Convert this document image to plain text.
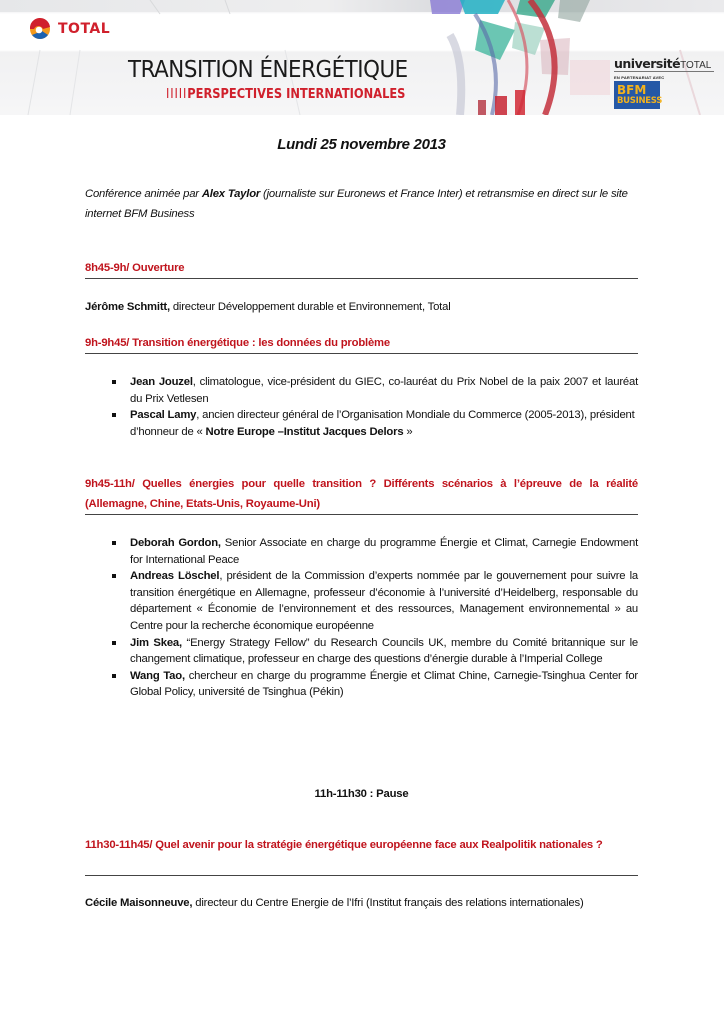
TOTAL
TRANSITION ÉNERGÉTIQUE
IIIIIPERSPECTIVES INTERNATIONALES
universitéTOTAL
EN PARTENARIAT AVEC
BFM
BUSINESS
Lundi 25 novembre 2013
Conférence animée par Alex Taylor (journaliste sur Euronews et France Inter) et retransmise en direct sur le site internet BFM Business
8h45-9h/ Ouverture
Jérôme Schmitt, directeur Développement durable et Environnement, Total
9h-9h45/ Transition énergétique : les données du problème
Jean Jouzel, climatologue, vice-président du GIEC, co-lauréat du Prix Nobel de la paix 2007 et lauréat du Prix Vetlesen
Pascal Lamy, ancien directeur général de l’Organisation Mondiale du Commerce (2005-2013), président d’honneur de « Notre Europe –Institut Jacques Delors »
9h45-11h/ Quelles énergies pour quelle transition ? Différents scénarios à l’épreuve de la réalité (Allemagne, Chine, Etats-Unis, Royaume-Uni)
Deborah Gordon, Senior Associate en charge du programme Énergie et Climat, Carnegie Endowment for International Peace
Andreas Löschel, président de la Commission d’experts nommée par le gouvernement pour suivre la transition énergétique en Allemagne, professeur d’économie à l’université d’Heidelberg, responsable du département « Économie de l’environnement et des ressources, Management environnemental » au Centre pour la recherche économique européenne
Jim Skea, “Energy Strategy Fellow” du Research Councils UK, membre du Comité britannique sur le changement climatique, professeur en charge des questions d’énergie durable à l’Imperial College
Wang Tao, chercheur en charge du programme Énergie et Climat Chine, Carnegie-Tsinghua Center for Global Policy, université de Tsinghua (Pékin)
11h-11h30 : Pause
11h30-11h45/ Quel avenir pour la stratégie énergétique européenne face aux Realpolitik nationales ?
Cécile Maisonneuve, directeur du Centre Energie de l’Ifri (Institut français des relations internationales)
